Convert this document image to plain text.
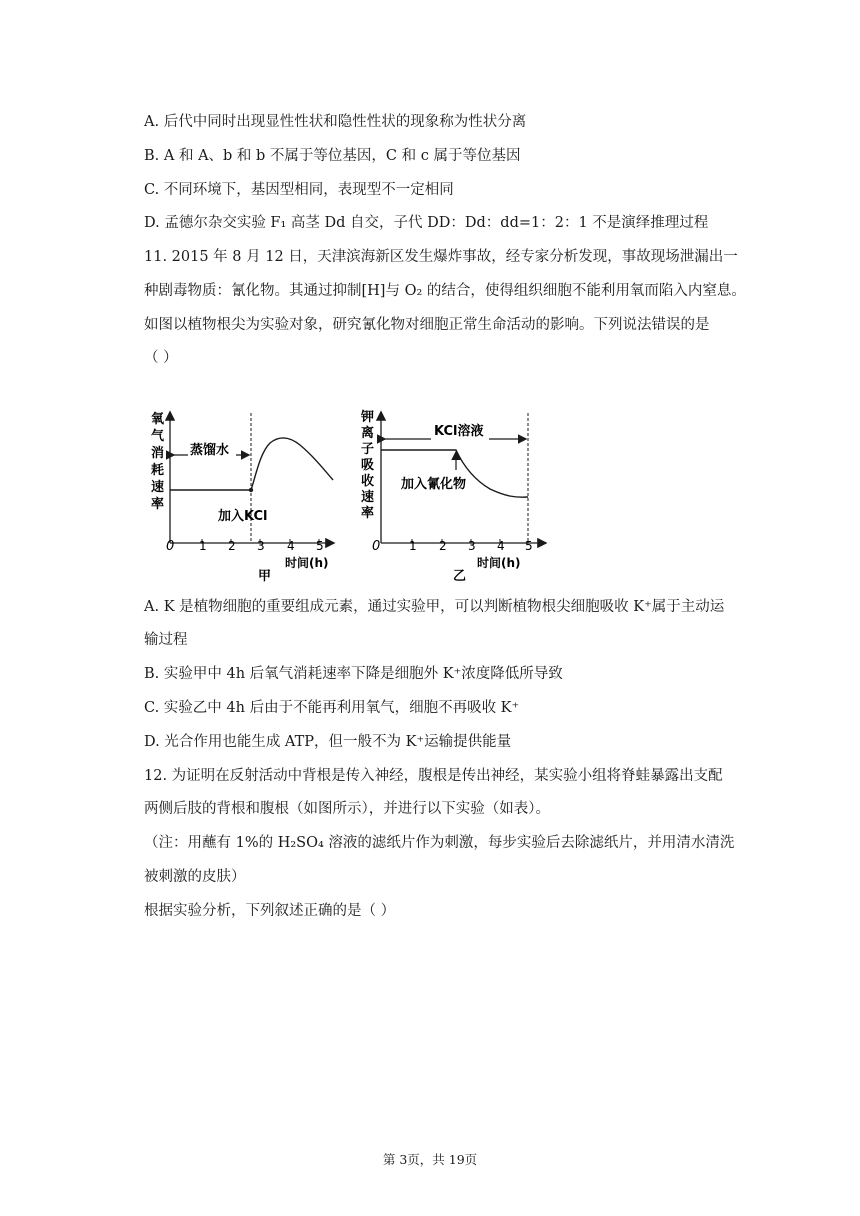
A. 后代中同时出现显性性状和隐性性状的现象称为性状分离
B. A 和 A、b 和 b 不属于等位基因，C 和 c 属于等位基因
C. 不同环境下，基因型相同，表现型不一定相同
D. 孟德尔杂交实验 F₁ 高茎 Dd 自交，子代 DD：Dd：dd=1：2：1 不是演绎推理过程
11. 2015 年 8 月 12 日，天津滨海新区发生爆炸事故，经专家分析发现，事故现场泄漏出一
种剧毒物质：氰化物。其通过抑制[H]与 O₂ 的结合，使得组织细胞不能利用氧而陷入内窒息。
如图以植物根尖为实验对象，研究氰化物对细胞正常生命活动的影响。下列说法错误的是
（ ）
A. K 是植物细胞的重要组成元素，通过实验甲，可以判断植物根尖细胞吸收 K⁺属于主动运
输过程
B. 实验甲中 4h 后氧气消耗速率下降是细胞外 K⁺浓度降低所导致
C. 实验乙中 4h 后由于不能再利用氧气，细胞不再吸收 K⁺
D. 光合作用也能生成 ATP，但一般不为 K⁺运输提供能量
12. 为证明在反射活动中背根是传入神经，腹根是传出神经，某实验小组将脊蛙暴露出支配
两侧后肢的背根和腹根（如图所示），并进行以下实验（如表）。
（注：用蘸有 1%的 H₂SO₄ 溶液的滤纸片作为刺激，每步实验后去除滤纸片，并用清水清洗
被刺激的皮肤）
根据实验分析，下列叙述正确的是（ ）
氧 气 消 耗 速 率
0 1 2 3 4 5
时间(h)
蒸馏水
加入KCl
甲
钾 离 子 吸 收 速 率
0 1 2 3 4 5
时间(h)
KCl溶液
加入氰化物
乙
第 3页，共 19页
